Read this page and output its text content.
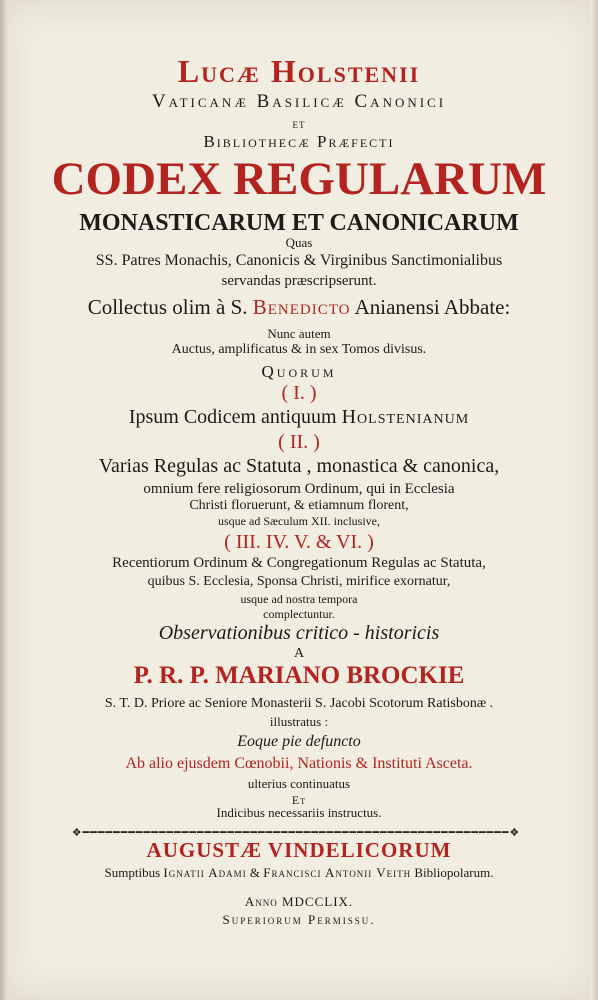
Lucæ Holstenii
Vaticanæ Basilicæ Canonici
et
Bibliothecæ Præfecti
CODEX REGULARUM
MONASTICARUM ET CANONICARUM
Quas
SS. Patres Monachis, Canonicis & Virginibus Sanctimonialibus
servandas præscripserunt.
Collectus olim à S. Benedicto Anianensi Abbate:
Nunc autem
Auctus, amplificatus & in sex Tomos divisus.
Quorum
( I. )
Ipsum Codicem antiquum Holstenianum
( II. )
Varias Regulas ac Statuta , monastica & canonica,
omnium fere religiosorum Ordinum, qui in Ecclesia
Christi floruerunt, & etiamnum florent,
usque ad Sæculum XII. inclusive,
( III. IV. V. & VI. )
Recentiorum Ordinum & Congregationum Regulas ac Statuta,
quibus S. Ecclesia, Sponsa Christi, mirifice exornatur,
usque ad nostra tempora
complectuntur.
Observationibus critico - historicis
A
P. R. P. MARIANO BROCKIE
S. T. D. Priore ac Seniore Monasterii S. Jacobi Scotorum Ratisbonæ .
illustratus :
Eoque pie defuncto
Ab alio ejusdem Cœnobii, Nationis & Instituti Asceta.
ulterius continuatus
Et
Indicibus necessariis instructus.
❖━━━━━━━━━━━━━━━━━━━━━━━━━━━━━━━━━━━━━━━━━━━━━━━━━━━━━━━━❖
AUGUSTÆ VINDELICORUM
Sumptibus Ignatii Adami & Francisci Antonii Veith Bibliopolarum.
Anno MDCCLIX.
Superiorum Permissu.
